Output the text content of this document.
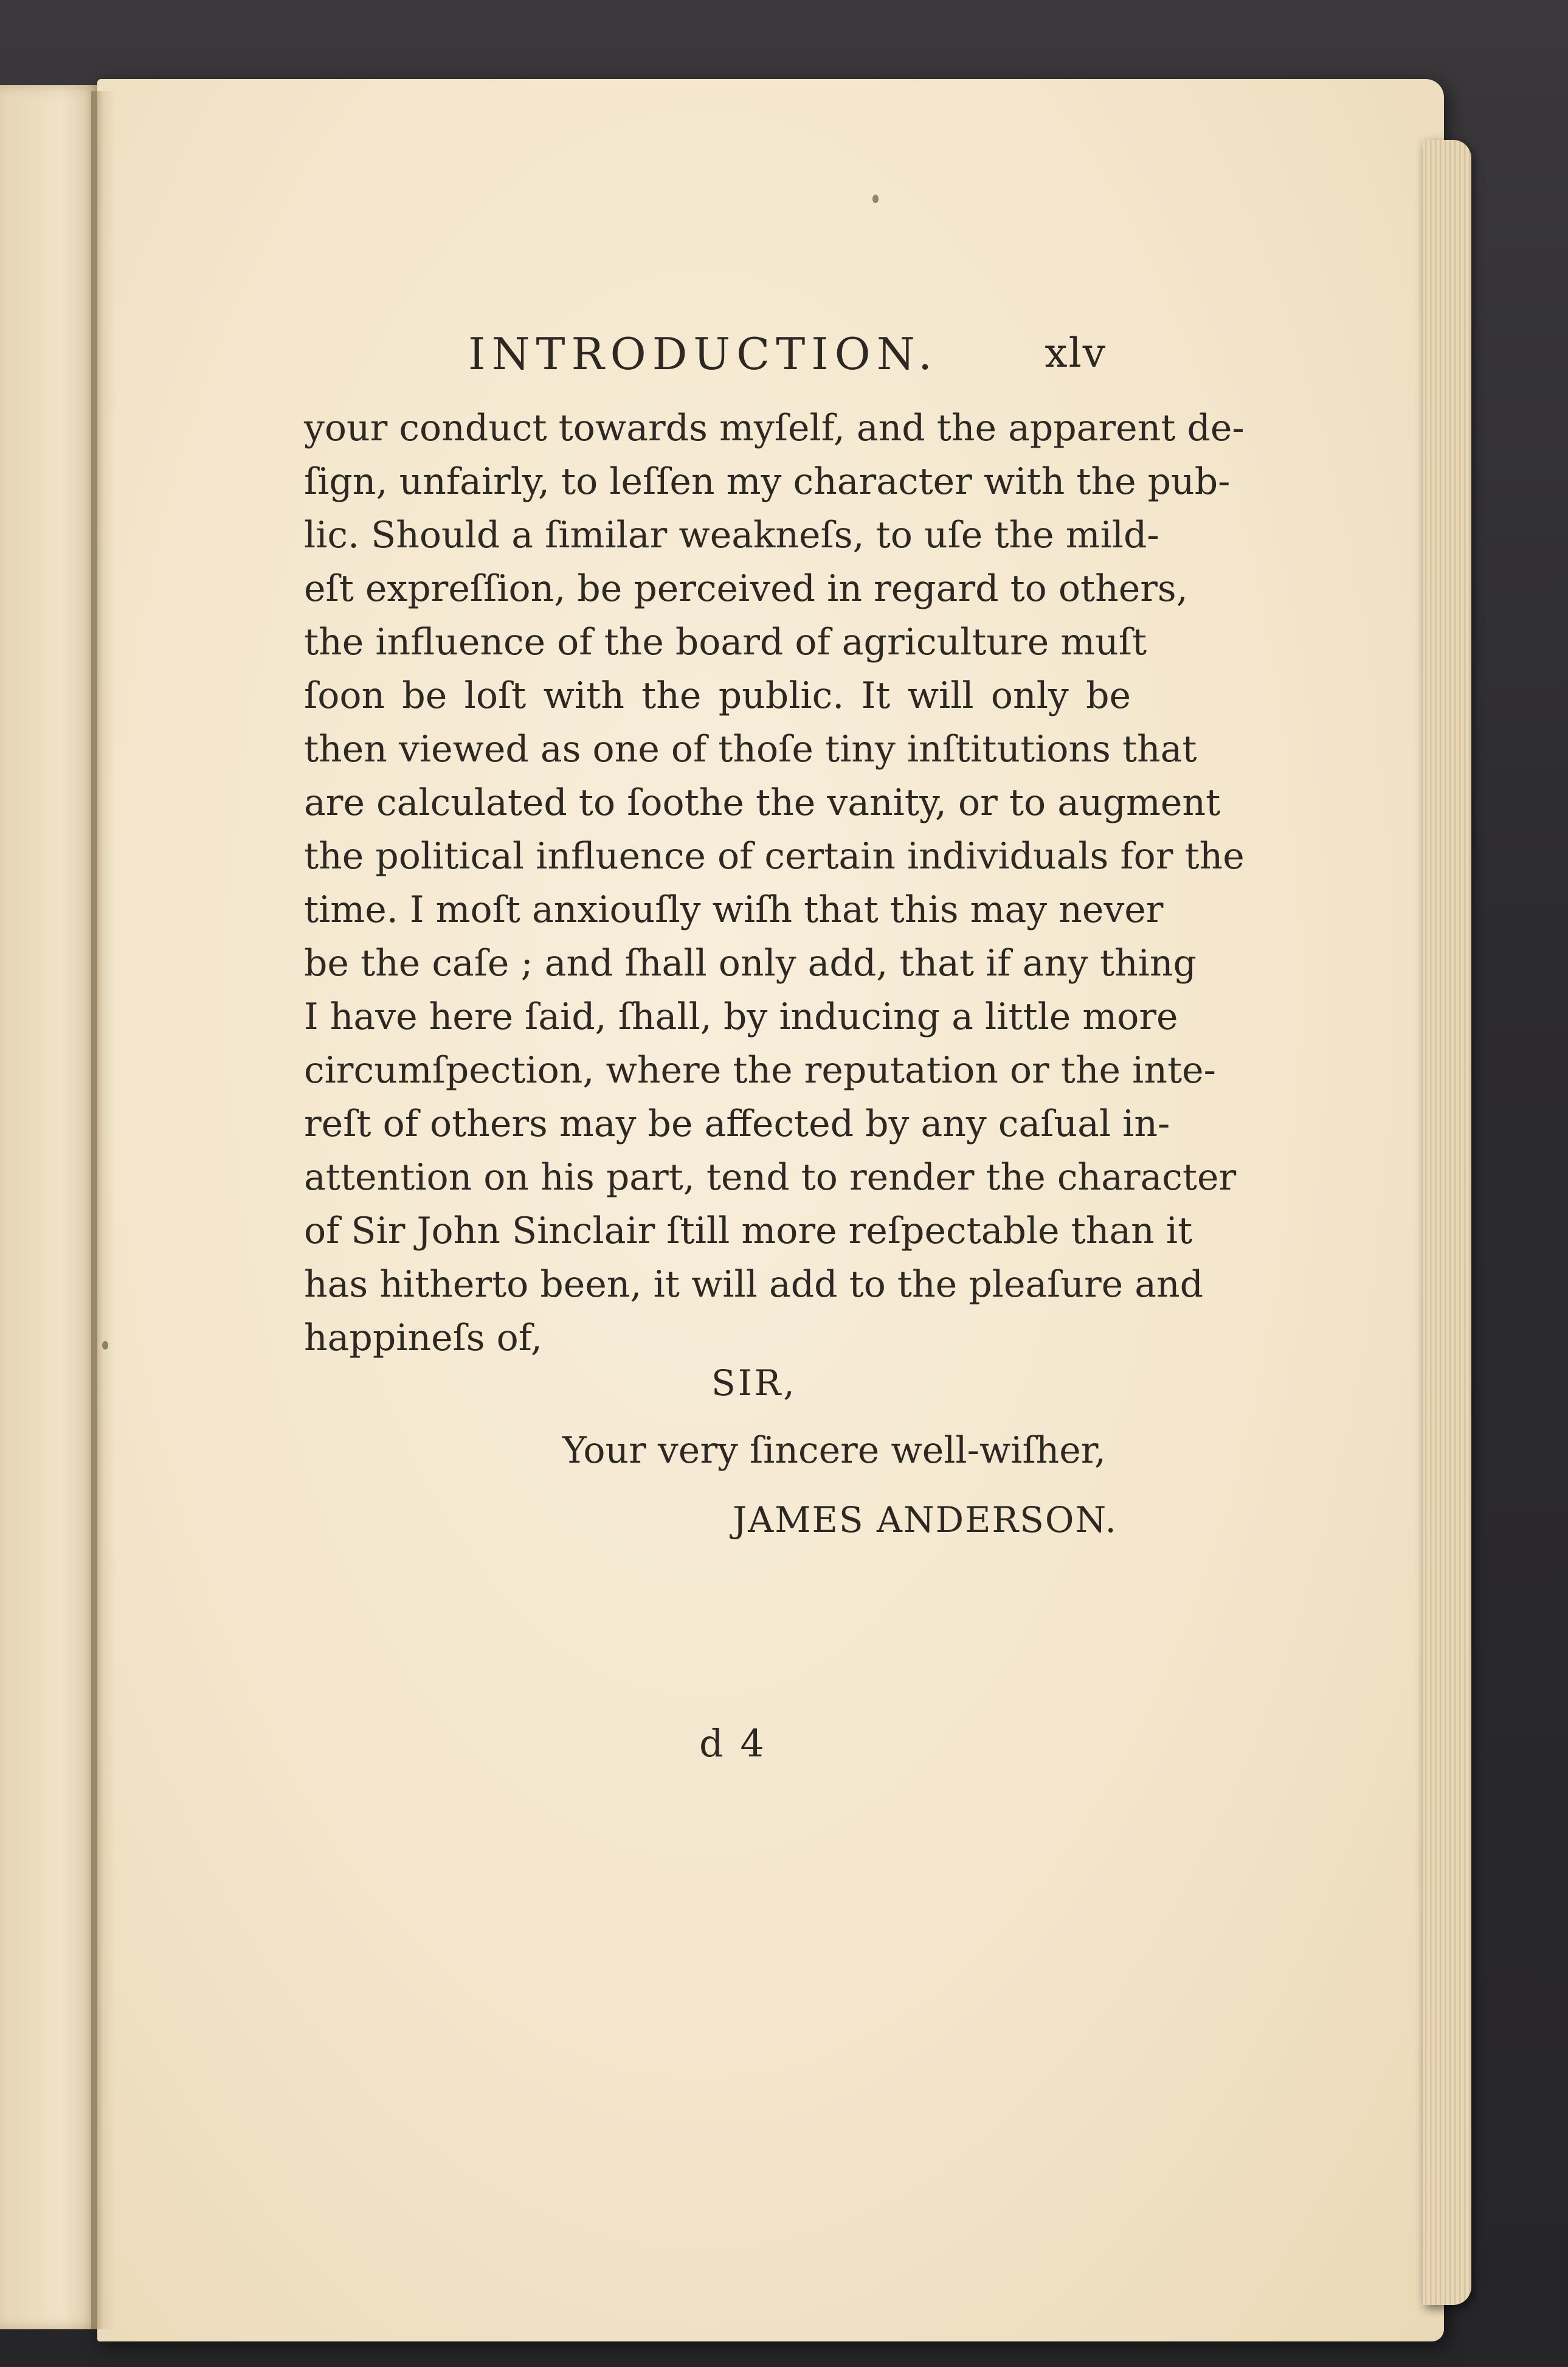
INTRODUCTION.	xlv
your conduct towards myſelf, and the apparent de-
ſign, unfairly, to leſſen my character with the pub-
lic. Should a ſimilar weakneſs, to uſe the mild-
eſt expreſſion, be perceived in regard to others,
the influence of the board of agriculture muſt
ſoon be loſt with the public. It will only be
then viewed as one of thoſe tiny inſtitutions that
are calculated to ſoothe the vanity, or to augment
the political influence of certain individuals for the
time. I moſt anxiouſly wiſh that this may never
be the caſe ; and ſhall only add, that if any thing
I have here ſaid, ſhall, by inducing a little more
circumſpection, where the reputation or the inte-
reſt of others may be affected by any caſual in-
attention on his part, tend to render the character
of Sir John Sinclair ſtill more reſpectable than it
has hitherto been, it will add to the pleaſure and
happineſs of,
SIR,
Your very ſincere well-wiſher,
JAMES ANDERSON.
d 4
